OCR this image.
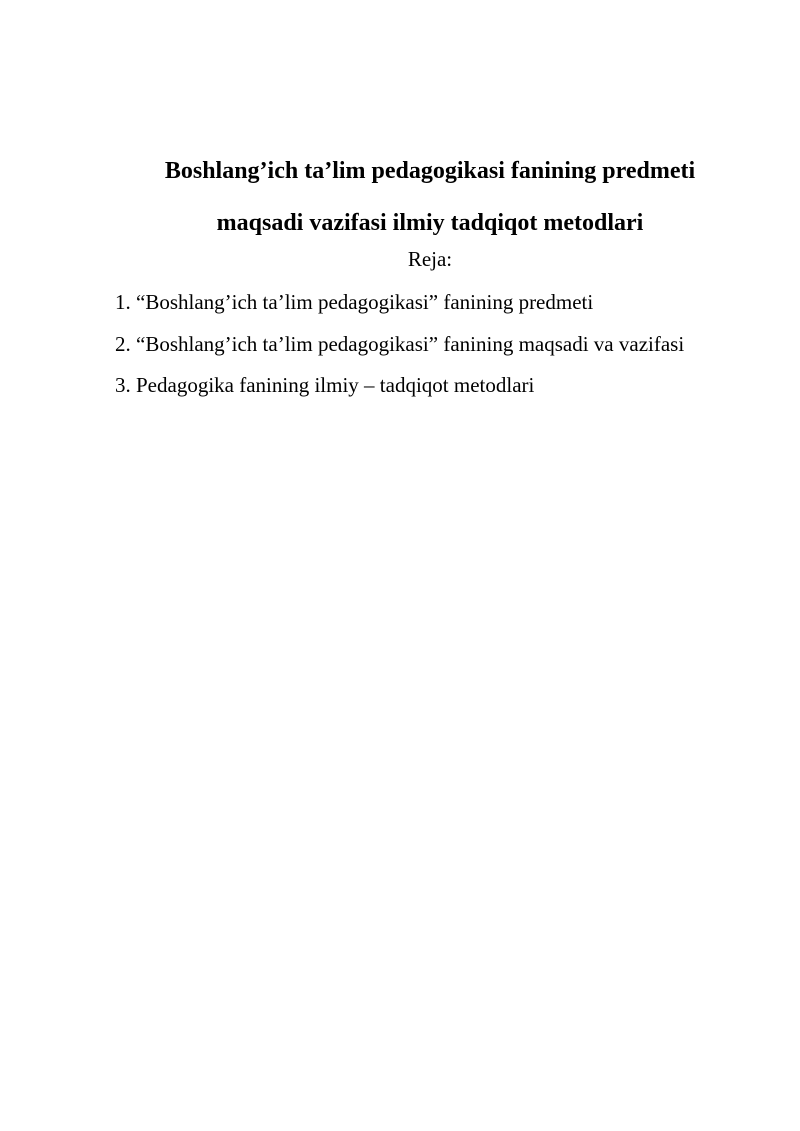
Boshlang’ich ta’lim pedagogikasi fanining predmeti
maqsadi vazifasi ilmiy tadqiqot metodlari

Reja:

1. “Boshlang’ich ta’lim pedagogikasi” fanining predmeti
2. “Boshlang’ich ta’lim pedagogikasi” fanining maqsadi va vazifasi
3. Pedagogika fanining ilmiy – tadqiqot metodlari
